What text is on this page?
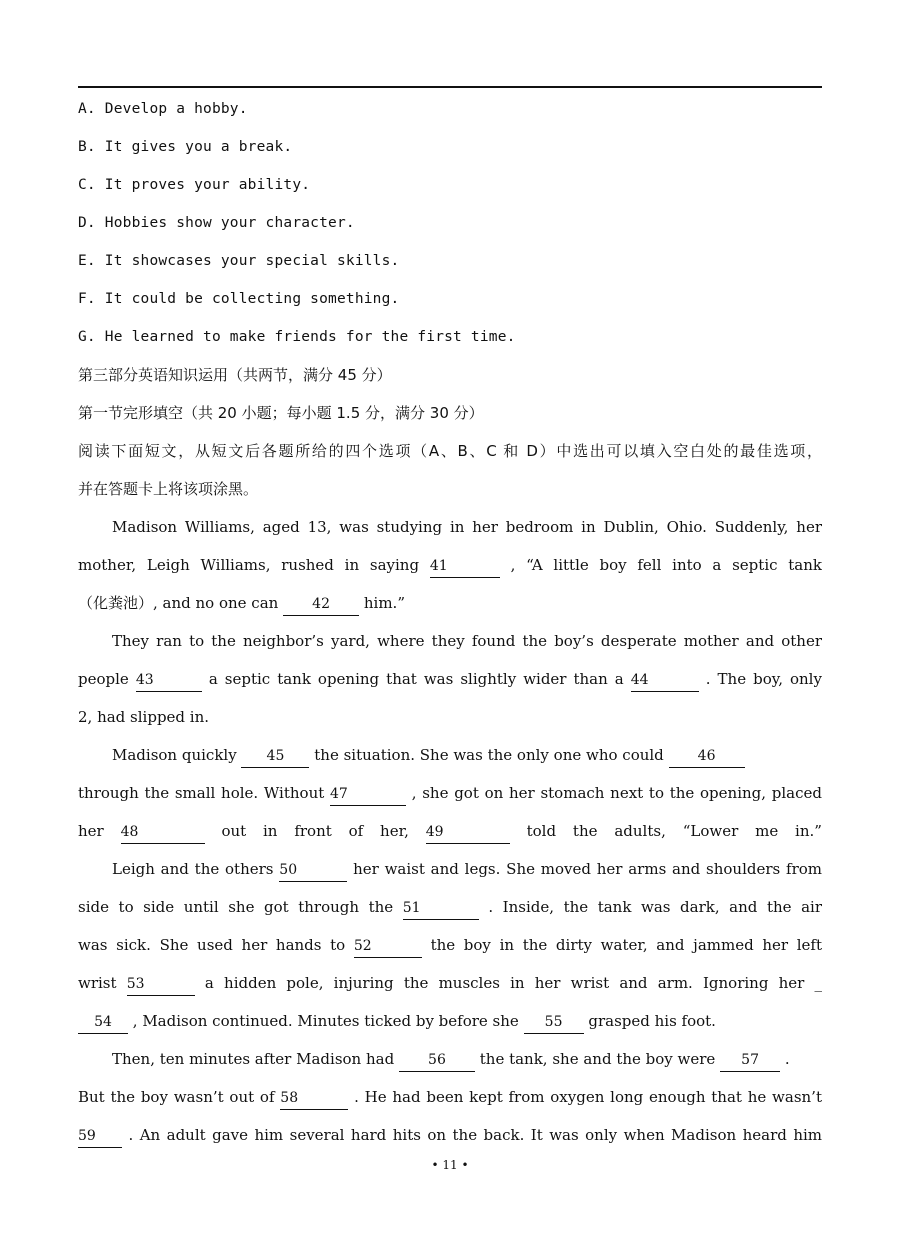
A. Develop a hobby.
B. It gives you a break.
C. It proves your ability.
D. Hobbies show your character.
E. It showcases your special skills.
F. It could be collecting something.
G. He learned to make friends for the first time.
第三部分英语知识运用（共两节，满分 45 分）
第一节完形填空（共 20 小题；每小题 1.5 分，满分 30 分）
阅读下面短文，从短文后各题所给的四个选项（A、B、C 和 D）中选出可以填入空白处的最佳选项，
并在答题卡上将该项涂黑。
Madison Williams, aged 13, was studying in her bedroom in Dublin, Ohio. Suddenly, her
mother, Leigh Williams, rushed in saying 41	, “A little boy fell into a septic tank
（化粪池）, and no one can 42 him.”
They ran to the neighbor’s yard, where they found the boy’s desperate mother and other
people 43	a septic tank opening that was slightly wider than a 44	. The boy, only
2, had slipped in.
Madison quickly 45 the situation. She was the only one who could 46
through the small hole. Without 47	, she got on her stomach next to the opening, placed
her 48	out in front of her, 49	told the adults, “Lower me in.”
Leigh and the others 50	her waist and legs. She moved her arms and shoulders from
side to side until she got through the 51	. Inside, the tank was dark, and the air
was sick. She used her hands to 52	the boy in the dirty water, and jammed her left
wrist 53	a hidden pole, injuring the muscles in her wrist and arm. Ignoring her _
54 , Madison continued. Minutes ticked by before she 55 grasped his foot.
Then, ten minutes after Madison had 56 the tank, she and the boy were 57 .
But the boy wasn’t out of 58	. He had been kept from oxygen long enough that he wasn’t
59 . An adult gave him several hard hits on the back. It was only when Madison heard him
• 11 •
